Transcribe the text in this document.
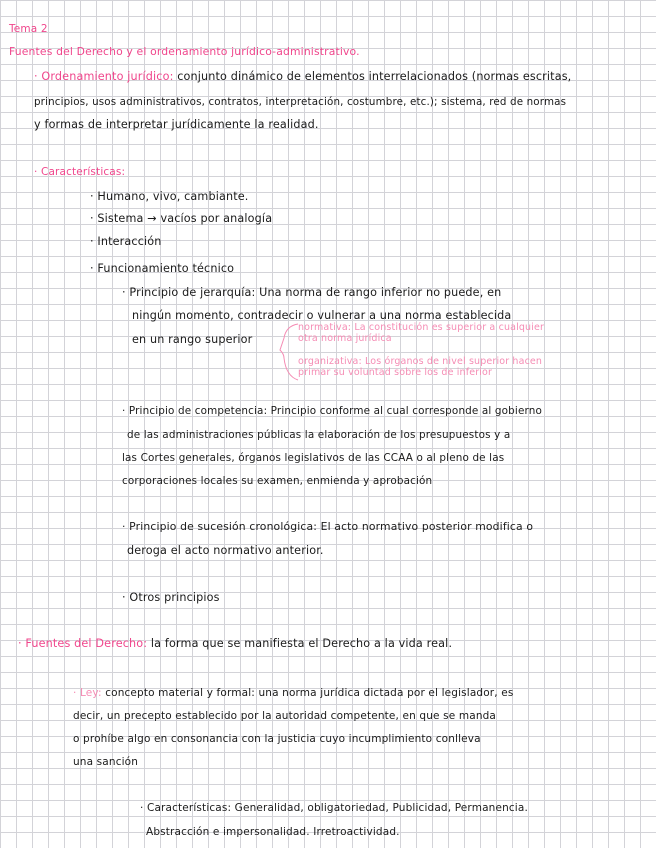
Tema 2
Fuentes del Derecho y el ordenamiento jurídico-administrativo.
· Ordenamiento jurídico: conjunto dinámico de elementos interrelacionados (normas escritas,
principios, usos administrativos, contratos, interpretación, costumbre, etc.); sistema, red de normas
y formas de interpretar jurídicamente la realidad.
· Características:
· Humano, vivo, cambiante.
· Sistema → vacíos por analogía
· Interacción
· Funcionamiento técnico
· Principio de jerarquía: Una norma de rango inferior no puede, en
ningún momento, contradecir o vulnerar a una norma establecida
en un rango superior
normativa: La constitución es superior a cualquier
otra norma jurídica
organizativa: Los órganos de nivel superior hacen
primar su voluntad sobre los de inferior
· Principio de competencia: Principio conforme al cual corresponde al gobierno
de las administraciones públicas la elaboración de los presupuestos y a
las Cortes generales, órganos legislativos de las CCAA o al pleno de las
corporaciones locales su examen, enmienda y aprobación
· Principio de sucesión cronológica: El acto normativo posterior modifica o
deroga el acto normativo anterior.
· Otros principios
· Fuentes del Derecho: la forma que se manifiesta el Derecho a la vida real.
· Ley: concepto material y formal: una norma jurídica dictada por el legislador, es
decir, un precepto establecido por la autoridad competente, en que se manda
o prohíbe algo en consonancia con la justicia cuyo incumplimiento conlleva
una sanción
· Características: Generalidad, obligatoriedad, Publicidad, Permanencia.
Abstracción e impersonalidad. Irretroactividad.
